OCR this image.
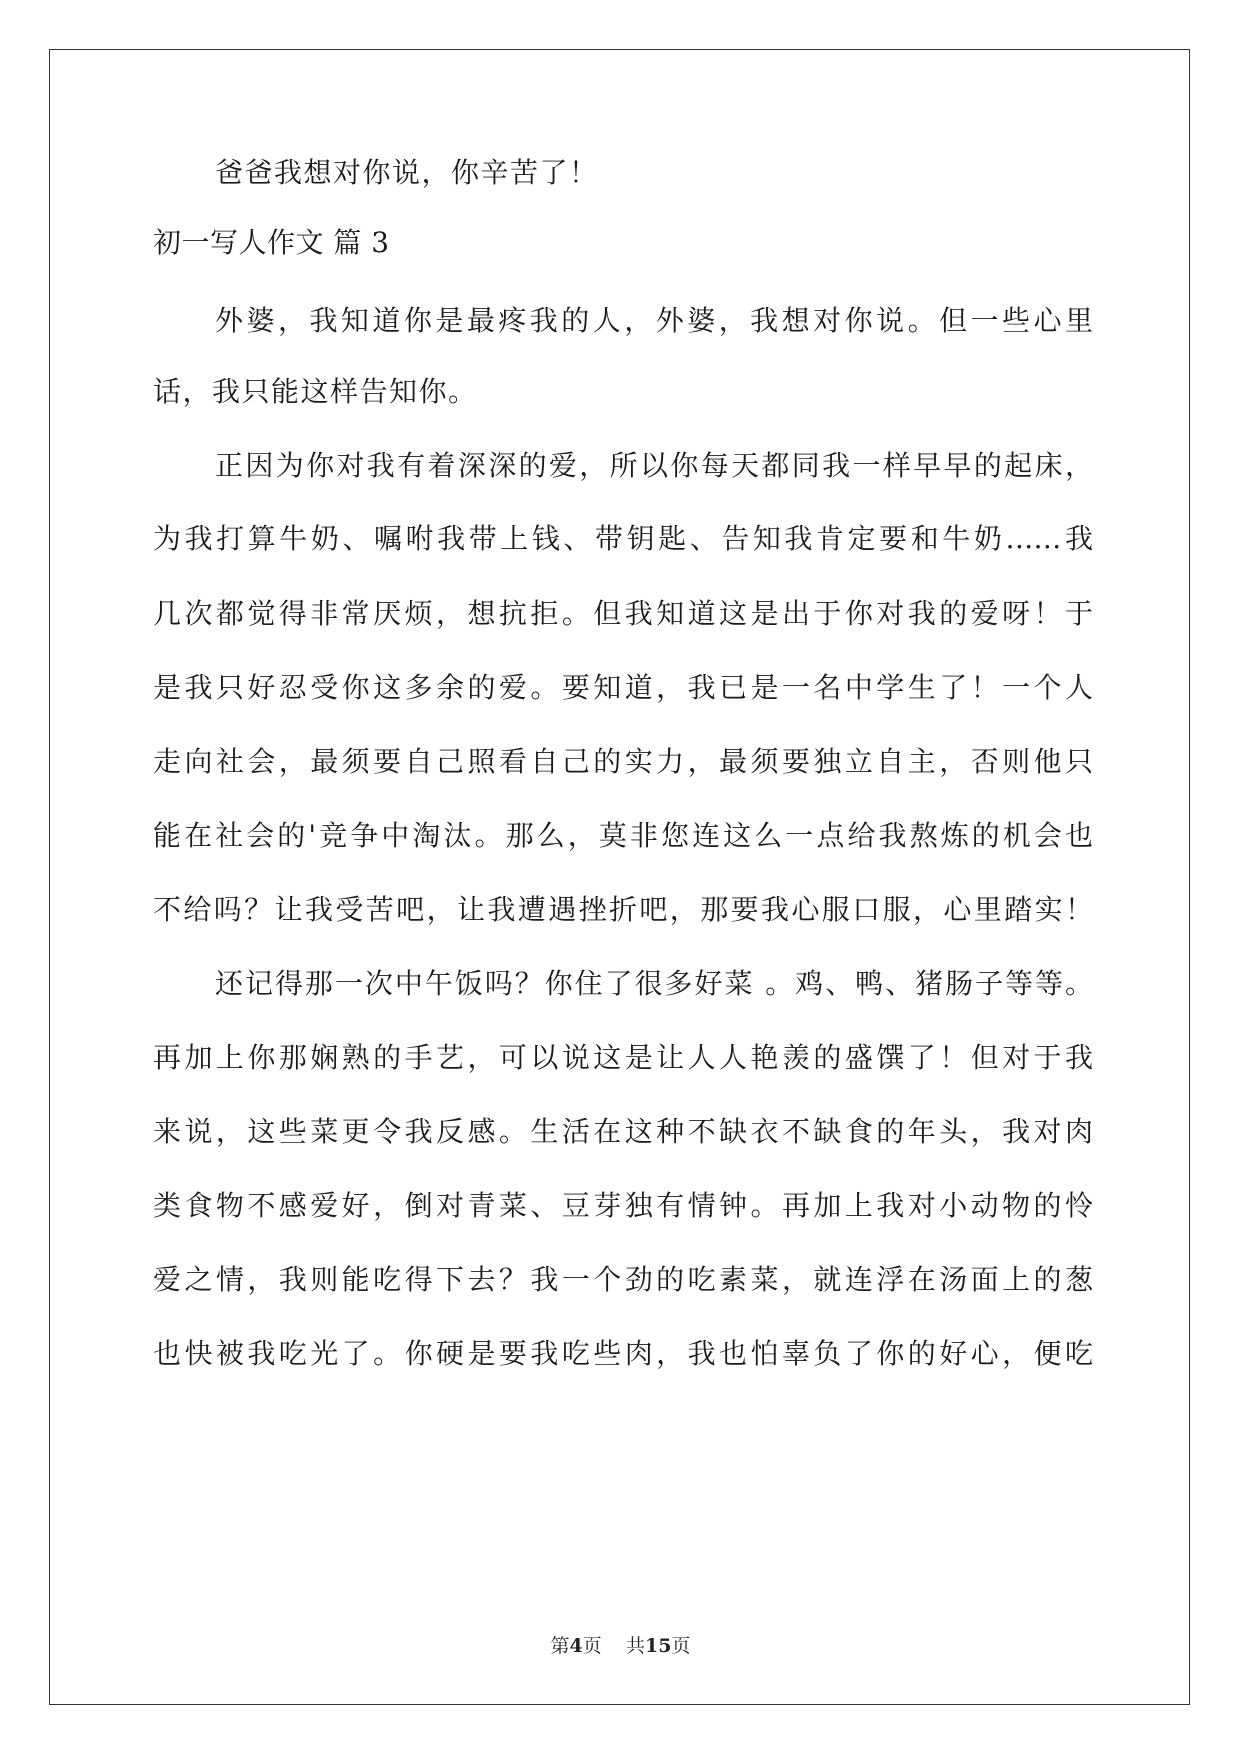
爸爸我想对你说，你辛苦了！
初一写人作文 篇 3
外婆，我知道你是最疼我的人，外婆，我想对你说。但一些心里
话，我只能这样告知你。
正因为你对我有着深深的爱，所以你每天都同我一样早早的起床，
为我打算牛奶、嘱咐我带上钱、带钥匙、告知我肯定要和牛奶……我
几次都觉得非常厌烦，想抗拒。但我知道这是出于你对我的爱呀！于
是我只好忍受你这多余的爱。要知道，我已是一名中学生了！一个人
走向社会，最须要自己照看自己的实力，最须要独立自主，否则他只
能在社会的'竞争中淘汰。那么，莫非您连这么一点给我熬炼的机会也
不给吗？让我受苦吧，让我遭遇挫折吧，那要我心服口服，心里踏实！
还记得那一次中午饭吗？你住了很多好菜 。鸡、鸭、猪肠子等等。
再加上你那娴熟的手艺，可以说这是让人人艳羡的盛馔了！但对于我
来说，这些菜更令我反感。生活在这种不缺衣不缺食的年头，我对肉
类食物不感爱好，倒对青菜、豆芽独有情钟。再加上我对小动物的怜
爱之情，我则能吃得下去？我一个劲的吃素菜，就连浮在汤面上的葱
也快被我吃光了。你硬是要我吃些肉，我也怕辜负了你的好心，便吃
第4页 共15页
